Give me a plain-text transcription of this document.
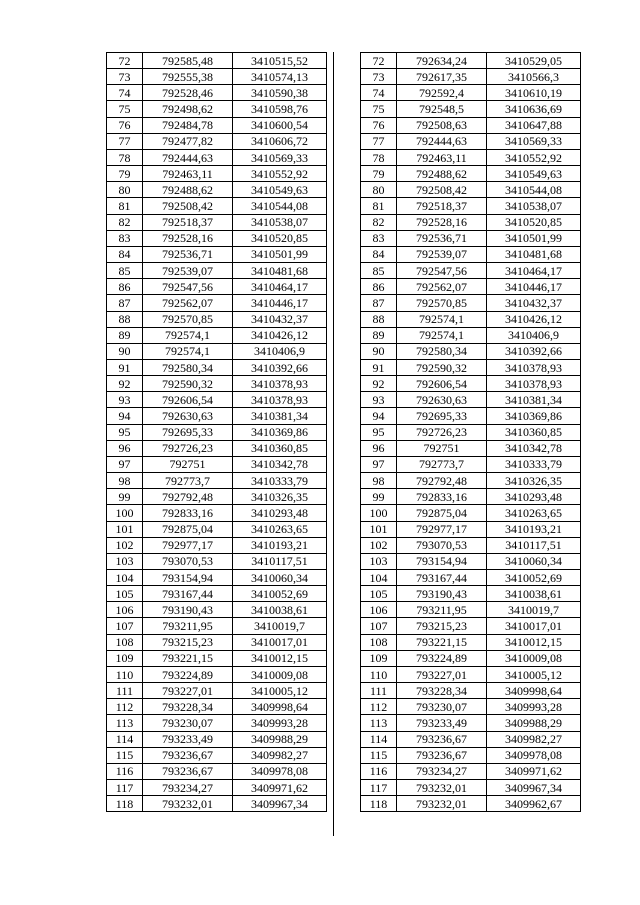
72	792585,48	3410515,52
73	792555,38	3410574,13
74	792528,46	3410590,38
75	792498,62	3410598,76
76	792484,78	3410600,54
77	792477,82	3410606,72
78	792444,63	3410569,33
79	792463,11	3410552,92
80	792488,62	3410549,63
81	792508,42	3410544,08
82	792518,37	3410538,07
83	792528,16	3410520,85
84	792536,71	3410501,99
85	792539,07	3410481,68
86	792547,56	3410464,17
87	792562,07	3410446,17
88	792570,85	3410432,37
89	792574,1	3410426,12
90	792574,1	3410406,9
91	792580,34	3410392,66
92	792590,32	3410378,93
93	792606,54	3410378,93
94	792630,63	3410381,34
95	792695,33	3410369,86
96	792726,23	3410360,85
97	792751	3410342,78
98	792773,7	3410333,79
99	792792,48	3410326,35
100	792833,16	3410293,48
101	792875,04	3410263,65
102	792977,17	3410193,21
103	793070,53	3410117,51
104	793154,94	3410060,34
105	793167,44	3410052,69
106	793190,43	3410038,61
107	793211,95	3410019,7
108	793215,23	3410017,01
109	793221,15	3410012,15
110	793224,89	3410009,08
111	793227,01	3410005,12
112	793228,34	3409998,64
113	793230,07	3409993,28
114	793233,49	3409988,29
115	793236,67	3409982,27
116	793236,67	3409978,08
117	793234,27	3409971,62
118	793232,01	3409967,34
72	792634,24	3410529,05
73	792617,35	3410566,3
74	792592,4	3410610,19
75	792548,5	3410636,69
76	792508,63	3410647,88
77	792444,63	3410569,33
78	792463,11	3410552,92
79	792488,62	3410549,63
80	792508,42	3410544,08
81	792518,37	3410538,07
82	792528,16	3410520,85
83	792536,71	3410501,99
84	792539,07	3410481,68
85	792547,56	3410464,17
86	792562,07	3410446,17
87	792570,85	3410432,37
88	792574,1	3410426,12
89	792574,1	3410406,9
90	792580,34	3410392,66
91	792590,32	3410378,93
92	792606,54	3410378,93
93	792630,63	3410381,34
94	792695,33	3410369,86
95	792726,23	3410360,85
96	792751	3410342,78
97	792773,7	3410333,79
98	792792,48	3410326,35
99	792833,16	3410293,48
100	792875,04	3410263,65
101	792977,17	3410193,21
102	793070,53	3410117,51
103	793154,94	3410060,34
104	793167,44	3410052,69
105	793190,43	3410038,61
106	793211,95	3410019,7
107	793215,23	3410017,01
108	793221,15	3410012,15
109	793224,89	3410009,08
110	793227,01	3410005,12
111	793228,34	3409998,64
112	793230,07	3409993,28
113	793233,49	3409988,29
114	793236,67	3409982,27
115	793236,67	3409978,08
116	793234,27	3409971,62
117	793232,01	3409967,34
118	793232,01	3409962,67
